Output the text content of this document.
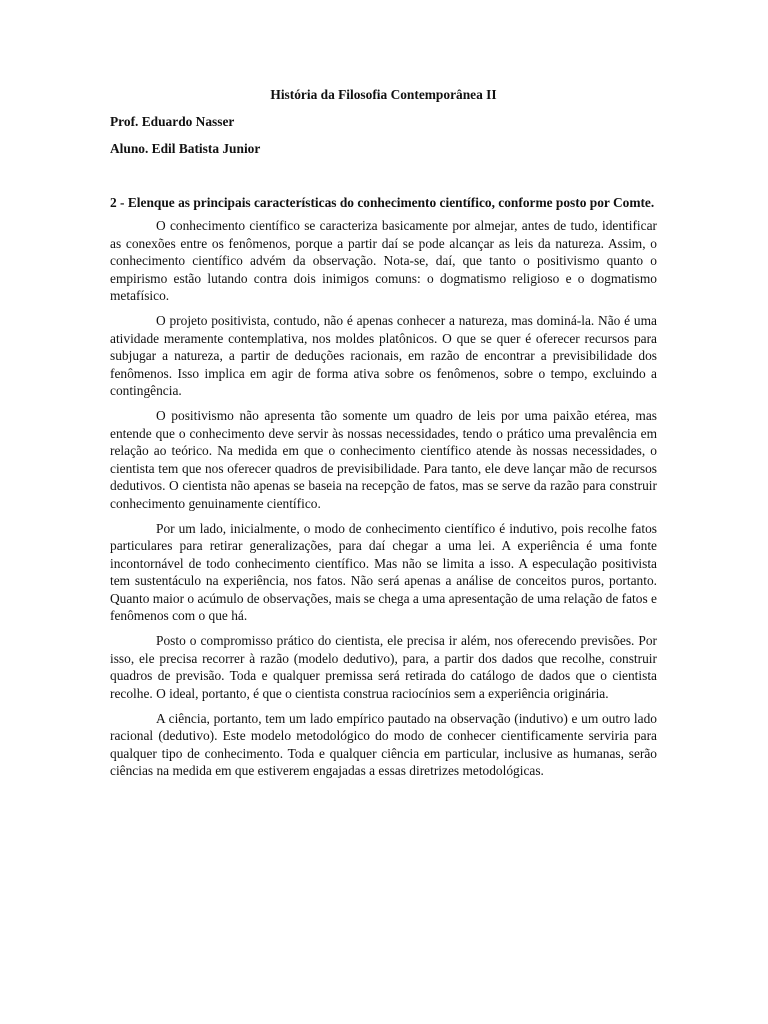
História da Filosofia Contemporânea II
Prof. Eduardo Nasser
Aluno. Edil Batista Junior
2 - Elenque as principais características do conhecimento científico, conforme posto por Comte.

O conhecimento científico se caracteriza basicamente por almejar, antes de tudo, identificar as conexões entre os fenômenos, porque a partir daí se pode alcançar as leis da natureza. Assim, o conhecimento científico advém da observação. Nota-se, daí, que tanto o positivismo quanto o empirismo estão lutando contra dois inimigos comuns: o dogmatismo religioso e o dogmatismo metafísico.

O projeto positivista, contudo, não é apenas conhecer a natureza, mas dominá-la. Não é uma atividade meramente contemplativa, nos moldes platônicos. O que se quer é oferecer recursos para subjugar a natureza, a partir de deduções racionais, em razão de encontrar a previsibilidade dos fenômenos. Isso implica em agir de forma ativa sobre os fenômenos, sobre o tempo, excluindo a contingência.

O positivismo não apresenta tão somente um quadro de leis por uma paixão etérea, mas entende que o conhecimento deve servir às nossas necessidades, tendo o prático uma prevalência em relação ao teórico. Na medida em que o conhecimento científico atende às nossas necessidades, o cientista tem que nos oferecer quadros de previsibilidade. Para tanto, ele deve lançar mão de recursos dedutivos. O cientista não apenas se baseia na recepção de fatos, mas se serve da razão para construir conhecimento genuinamente científico.

Por um lado, inicialmente, o modo de conhecimento científico é indutivo, pois recolhe fatos particulares para retirar generalizações, para daí chegar a uma lei. A experiência é uma fonte incontornável de todo conhecimento científico. Mas não se limita a isso. A especulação positivista tem sustentáculo na experiência, nos fatos. Não será apenas a análise de conceitos puros, portanto. Quanto maior o acúmulo de observações, mais se chega a uma apresentação de uma relação de fatos e fenômenos com o que há.

Posto o compromisso prático do cientista, ele precisa ir além, nos oferecendo previsões. Por isso, ele precisa recorrer à razão (modelo dedutivo), para, a partir dos dados que recolhe, construir quadros de previsão. Toda e qualquer premissa será retirada do catálogo de dados que o cientista recolhe. O ideal, portanto, é que o cientista construa raciocínios sem a experiência originária.

A ciência, portanto, tem um lado empírico pautado na observação (indutivo) e um outro lado racional (dedutivo). Este modelo metodológico do modo de conhecer cientificamente serviria para qualquer tipo de conhecimento. Toda e qualquer ciência em particular, inclusive as humanas, serão ciências na medida em que estiverem engajadas a essas diretrizes metodológicas.
